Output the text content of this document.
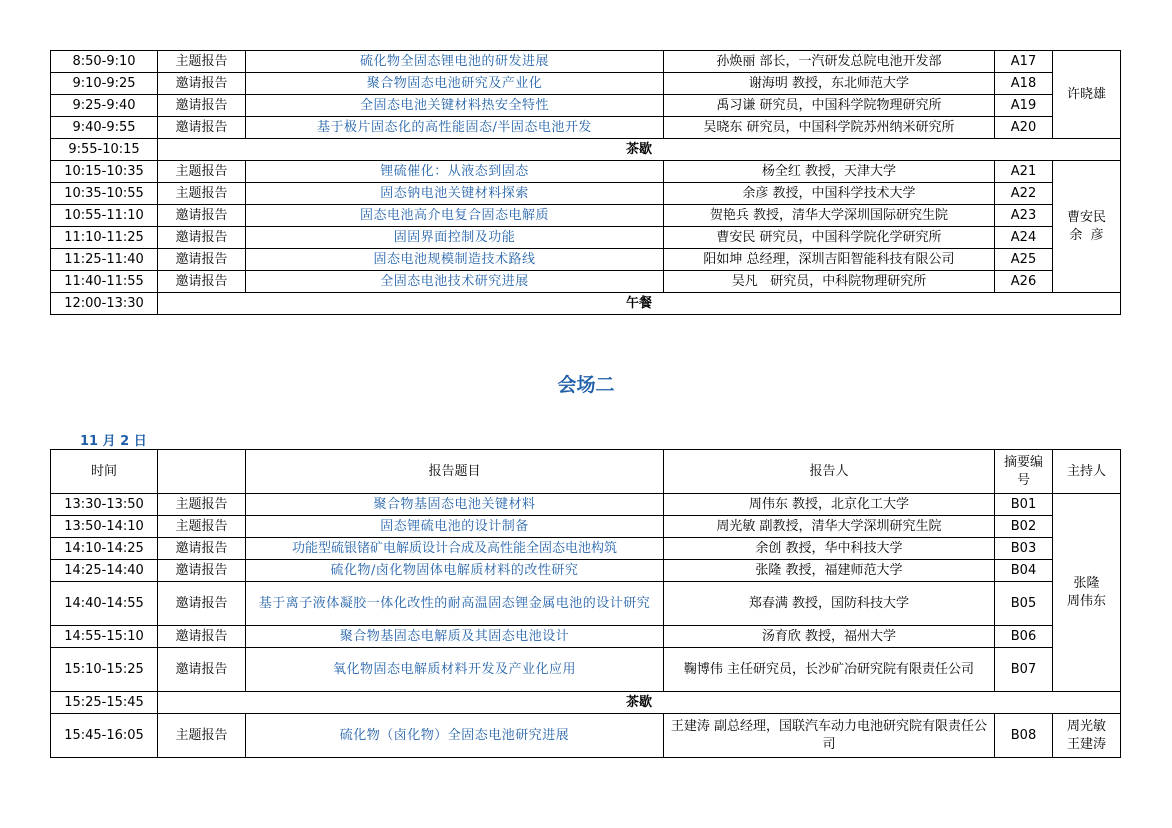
8:50-9:10	主题报告	硫化物全固态锂电池的研发进展	孙焕丽 部长，一汽研发总院电池开发部	A17	许晓雄
9:10-9:25	邀请报告	聚合物固态电池研究及产业化	谢海明 教授，东北师范大学	A18	
9:25-9:40	邀请报告	全固态电池关键材料热安全特性	禹习谦 研究员，中国科学院物理研究所	A19	
9:40-9:55	邀请报告	基于极片固态化的高性能固态/半固态电池开发	吴晓东 研究员，中国科学院苏州纳米研究所	A20	
9:55-10:15	茶歇				
10:15-10:35	主题报告	锂硫催化：从液态到固态	杨全红 教授，天津大学	A21	曹安民
余  彦

10:35-10:55	主题报告	固态钠电池关键材料探索	余彦 教授，中国科学技术大学	A22	
10:55-11:10	邀请报告	固态电池高介电复合固态电解质	贺艳兵 教授，清华大学深圳国际研究生院	A23	
11:10-11:25	邀请报告	固固界面控制及功能	曹安民 研究员，中国科学院化学研究所	A24	
11:25-11:40	邀请报告	固态电池规模制造技术路线	阳如坤 总经理，深圳吉阳智能科技有限公司	A25	
11:40-11:55	邀请报告	全固态电池技术研究进展	吴凡   研究员，中科院物理研究所	A26	
12:00-13:30	午餐				
会场二
11 月 2 日
时间		报告题目	报告人	摘要编号	主持人
13:30-13:50	主题报告	聚合物基固态电池关键材料	周伟东 教授，北京化工大学	B01	张隆
周伟东

13:50-14:10	主题报告	固态锂硫电池的设计制备	周光敏 副教授，清华大学深圳研究生院	B02	
14:10-14:25	邀请报告	功能型硫银锗矿电解质设计合成及高性能全固态电池构筑	余创 教授，华中科技大学	B03	
14:25-14:40	邀请报告	硫化物/卤化物固体电解质材料的改性研究	张隆 教授，福建师范大学	B04	
14:40-14:55	邀请报告	基于离子液体凝胶一体化改性的耐高温固态锂金属电池的设计研究	郑春满 教授，国防科技大学	B05	
14:55-15:10	邀请报告	聚合物基固态电解质及其固态电池设计	汤育欣 教授，福州大学	B06	
15:10-15:25	邀请报告	氧化物固态电解质材料开发及产业化应用	鞠博伟 主任研究员，长沙矿冶研究院有限责任公司	B07	
15:25-15:45	茶歇				
15:45-16:05	主题报告	硫化物（卤化物）全固态电池研究进展	王建涛 副总经理，国联汽车动力电池研究院有限责任公司	B08	周光敏
王建涛
